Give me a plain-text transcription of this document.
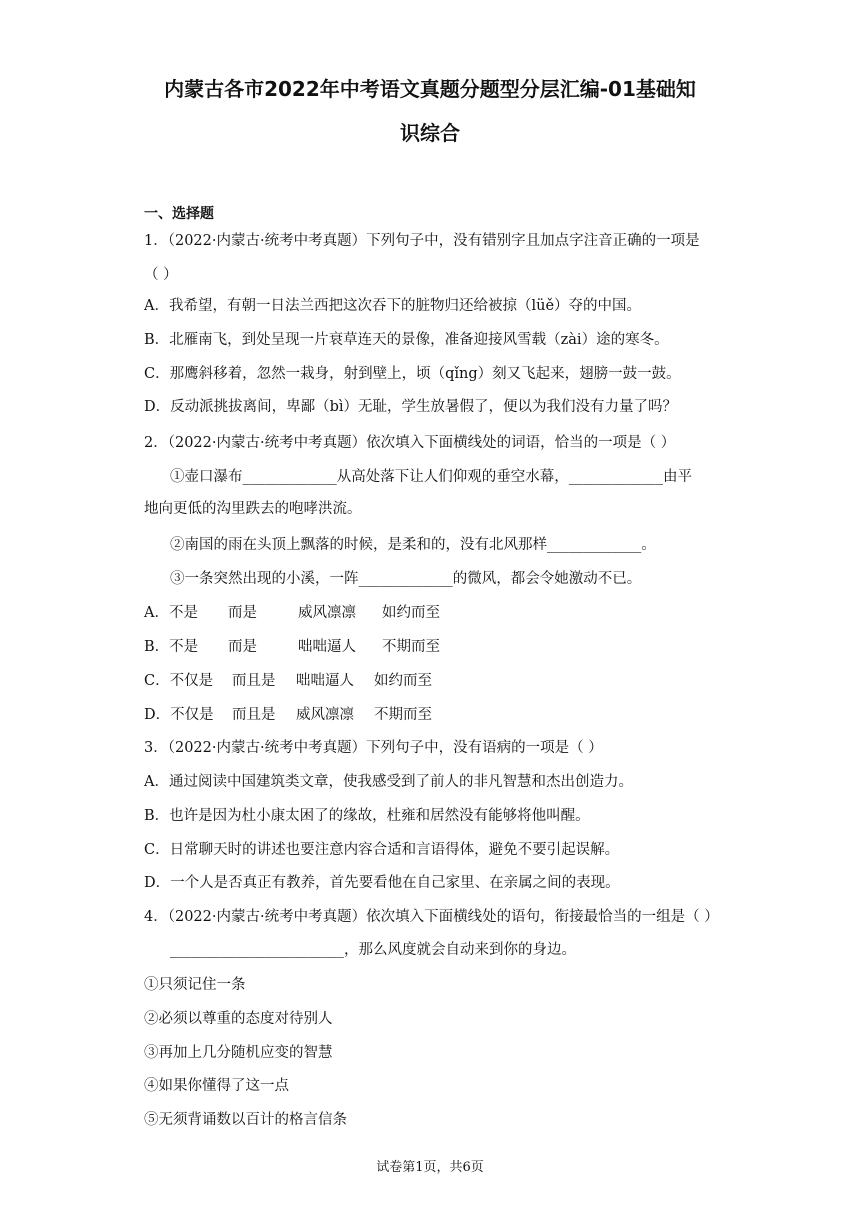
内蒙古各市2022年中考语文真题分题型分层汇编-01基础知
识综合
一、选择题
1．（2022·内蒙古·统考中考真题）下列句子中，没有错别字且加点字注音正确的一项是
（ ）
A．我希望，有朝一日法兰西把这次吞下的脏物归还给被掠（lüě）夺的中国。
B．北雁南飞，到处呈现一片衰草连天的景像，准备迎接风雪载（zài）途的寒冬。
C．那鹰斜移着，忽然一栽身，射到壁上，顷（qǐng）刻又飞起来，翅膀一鼓一鼓。
D．反动派挑拔离间，卑鄙（bì）无耻，学生放暑假了，便以为我们没有力量了吗？
2．（2022·内蒙古·统考中考真题）依次填入下面横线处的词语，恰当的一项是（ ）
①壶口瀑布_____________从高处落下让人们仰观的垂空水幕，_____________由平
地向更低的沟里跌去的咆哮洪流。
②南国的雨在头顶上飘落的时候，是柔和的，没有北风那样_____________。
③一条突然出现的小溪，一阵_____________的微风，都会令她激动不已。
A．不是 而是	威风凛凛 如约而至
B．不是 而是	咄咄逼人 不期而至
C．不仅是 而且是 咄咄逼人 如约而至
D．不仅是 而且是 威风凛凛 不期而至
3．（2022·内蒙古·统考中考真题）下列句子中，没有语病的一项是（ ）
A．通过阅读中国建筑类文章，使我感受到了前人的非凡智慧和杰出创造力。
B．也许是因为杜小康太困了的缘故，杜雍和居然没有能够将他叫醒。
C．日常聊天时的讲述也要注意内容合适和言语得体，避免不要引起误解。
D．一个人是否真正有教养，首先要看他在自己家里、在亲属之间的表现。
4．（2022·内蒙古·统考中考真题）依次填入下面横线处的语句，衔接最恰当的一组是（ ）
________________________，那么风度就会自动来到你的身边。
①只须记住一条
②必须以尊重的态度对待别人
③再加上几分随机应变的智慧
④如果你懂得了这一点
⑤无须背诵数以百计的格言信条
试卷第1页，共6页
